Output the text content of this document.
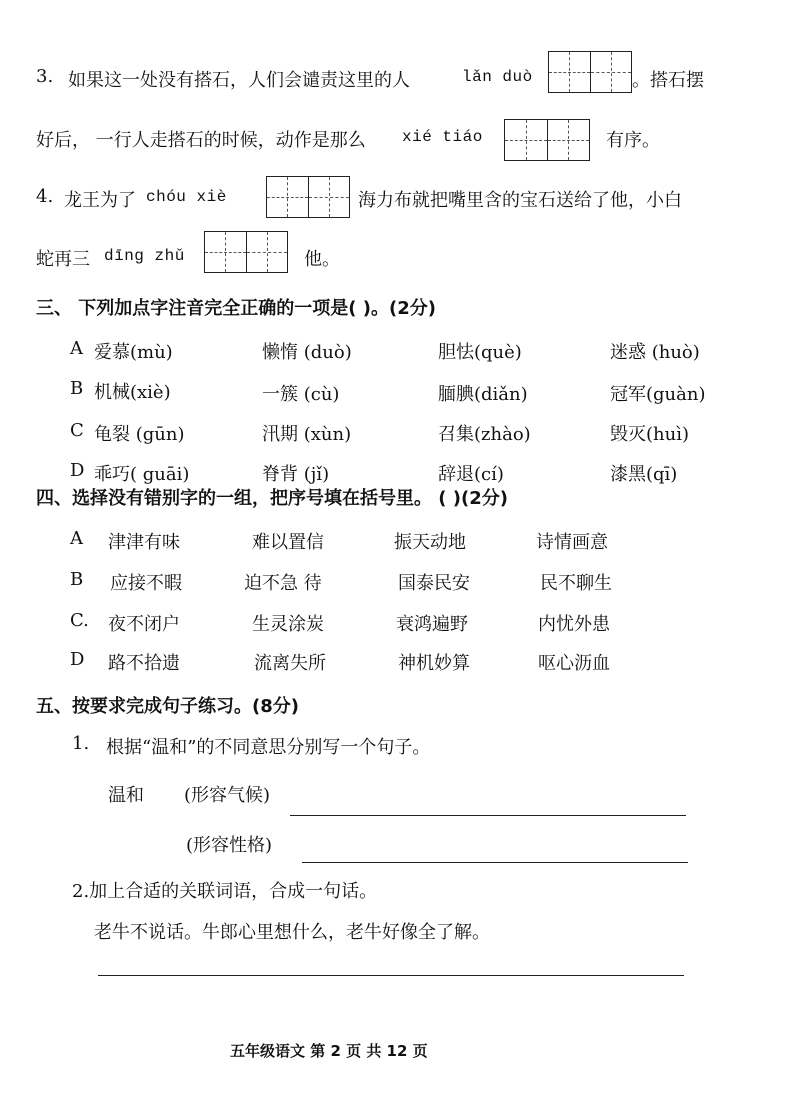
3. 如果这一处没有搭石，人们会谴责这里的人	lǎn duò	。搭石摆
好后， 一行人走搭石的时候，动作是那么 xié tiáo	有序。
4. 龙王为了 chóu xiè	海力布就把嘴里含的宝石送给了他，小白
蛇再三 dīng zhǔ	他。
三、 下列加点字注音完全正确的一项是( )。(2分)
A 爱慕(mù)	懒惰 (duò)	胆怯(què)	迷惑 (huò)
B 机械(xiè)	一簇 (cù)	腼腆(diǎn)	冠军(guàn)
C 龟裂 (gūn)	汛期 (xùn)	召集(zhào)	毁灭(huì)
D 乖巧( guāi)	脊背 (jǐ)	辞退(cí)	漆黑(qī)
四、选择没有错别字的一组，把序号填在括号里。 ( )(2分)
A 津津有味	难以置信	振天动地	诗情画意
B 应接不暇	迫不急 待	国泰民安	民不聊生
C. 夜不闭户	生灵涂炭	衰鸿遍野	内忧外患
D 路不拾遗	流离失所	神机妙算	呕心沥血
五、按要求完成句子练习。(8分)
1. 根据“温和”的不同意思分别写一个句子。
温和 (形容气候)
(形容性格)
2.加上合适的关联词语，合成一句话。
老牛不说话。牛郎心里想什么，老牛好像全了解。
五年级语文 第 2 页 共 12 页
